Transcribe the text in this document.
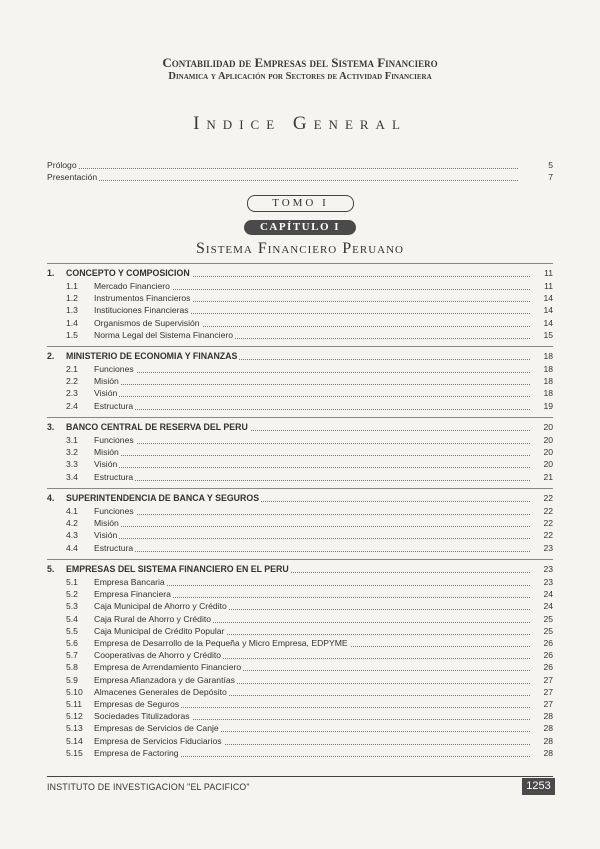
Contabilidad de Empresas del Sistema Financiero
Dinamica y Aplicación por Sectores de Actividad Financiera
Indice General
Prólogo	5
Presentación	7
TOMO I
CAPÍTULO I
Sistema Financiero Peruano
1. CONCEPTO Y COMPOSICION	11
1.1 Mercado Financiero	11
1.2 Instrumentos Financieros	14
1.3 Instituciones Financieras	14
1.4 Organismos de Supervisión	14
1.5 Norma Legal del Sistema Financiero	15
2. MINISTERIO DE ECONOMIA Y FINANZAS	18
2.1 Funciones	18
2.2 Misión	18
2.3 Visión	18
2.4 Estructura	19
3. BANCO CENTRAL DE RESERVA DEL PERU	20
3.1 Funciones	20
3.2 Misión	20
3.3 Visión	20
3.4 Estructura	21
4. SUPERINTENDENCIA DE BANCA Y SEGUROS	22
4.1 Funciones	22
4.2 Misión	22
4.3 Visión	22
4.4 Estructura	23
5. EMPRESAS DEL SISTEMA FINANCIERO EN EL PERU	23
5.1 Empresa Bancaria	23
5.2 Empresa Financiera	24
5.3 Caja Municipal de Ahorro y Crédito	24
5.4 Caja Rural de Ahorro y Crédito	25
5.5 Caja Municipal de Crédito Popular	25
5.6 Empresa de Desarrollo de la Pequeña y Micro Empresa, EDPYME	26
5.7 Cooperativas de Ahorro y Crédito	26
5.8 Empresa de Arrendamiento Financiero	26
5.9 Empresa Afianzadora y de Garantías	27
5.10 Almacenes Generales de Depósito	27
5.11 Empresas de Seguros	27
5.12 Sociedades Titulizadoras	28
5.13 Empresas de Servicios de Canje	28
5.14 Empresa de Servicios Fiduciarios	28
5.15 Empresa de Factoring	28
INSTITUTO DE INVESTIGACION "EL PACIFICO"	1253
